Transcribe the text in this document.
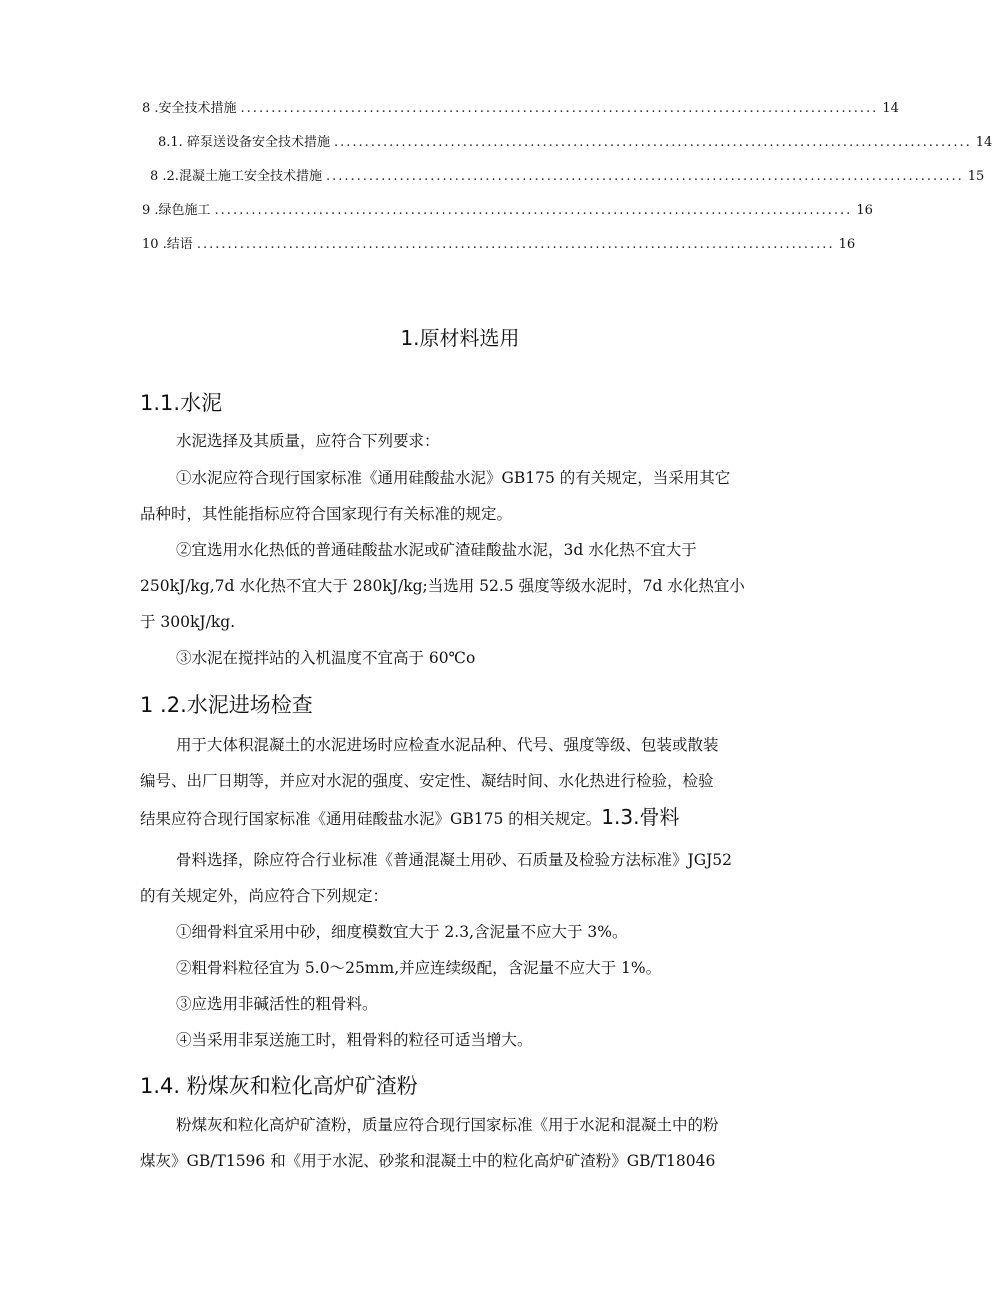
8 .安全技术措施 ........................................................................................................ 14
8.1. 碎泵送设备安全技术措施 ........................................................................................................ 14
8 .2.混凝土施工安全技术措施 ........................................................................................................ 15
9 .绿色施工 ........................................................................................................ 16
10 .结语 ........................................................................................................ 16
1.原材料选用
1.1.水泥
水泥选择及其质量，应符合下列要求：
①水泥应符合现行国家标准《通用硅酸盐水泥》GB175 的有关规定，当采用其它
品种时，其性能指标应符合国家现行有关标准的规定。
②宜选用水化热低的普通硅酸盐水泥或矿渣硅酸盐水泥，3d 水化热不宜大于
250kJ/kg,7d 水化热不宜大于 280kJ/kg;当选用 52.5 强度等级水泥时，7d 水化热宜小
于 300kJ/kg.
③水泥在搅拌站的入机温度不宜高于 60℃o
1 .2.水泥进场检查
用于大体积混凝土的水泥进场时应检查水泥品种、代号、强度等级、包装或散装
编号、出厂日期等，并应对水泥的强度、安定性、凝结时间、水化热进行检验，检验
结果应符合现行国家标准《通用硅酸盐水泥》GB175 的相关规定。1.3.骨料
骨料选择，除应符合行业标准《普通混凝土用砂、石质量及检验方法标准》JGJ52
的有关规定外，尚应符合下列规定：
①细骨料宜采用中砂，细度模数宜大于 2.3,含泥量不应大于 3%。
②粗骨料粒径宜为 5.0～25mm,并应连续级配，含泥量不应大于 1%。
③应选用非碱活性的粗骨料。
④当采用非泵送施工时，粗骨料的粒径可适当增大。
1.4. 粉煤灰和粒化高炉矿渣粉
粉煤灰和粒化高炉矿渣粉，质量应符合现行国家标准《用于水泥和混凝土中的粉
煤灰》GB/T1596 和《用于水泥、砂浆和混凝土中的粒化高炉矿渣粉》GB/T18046
